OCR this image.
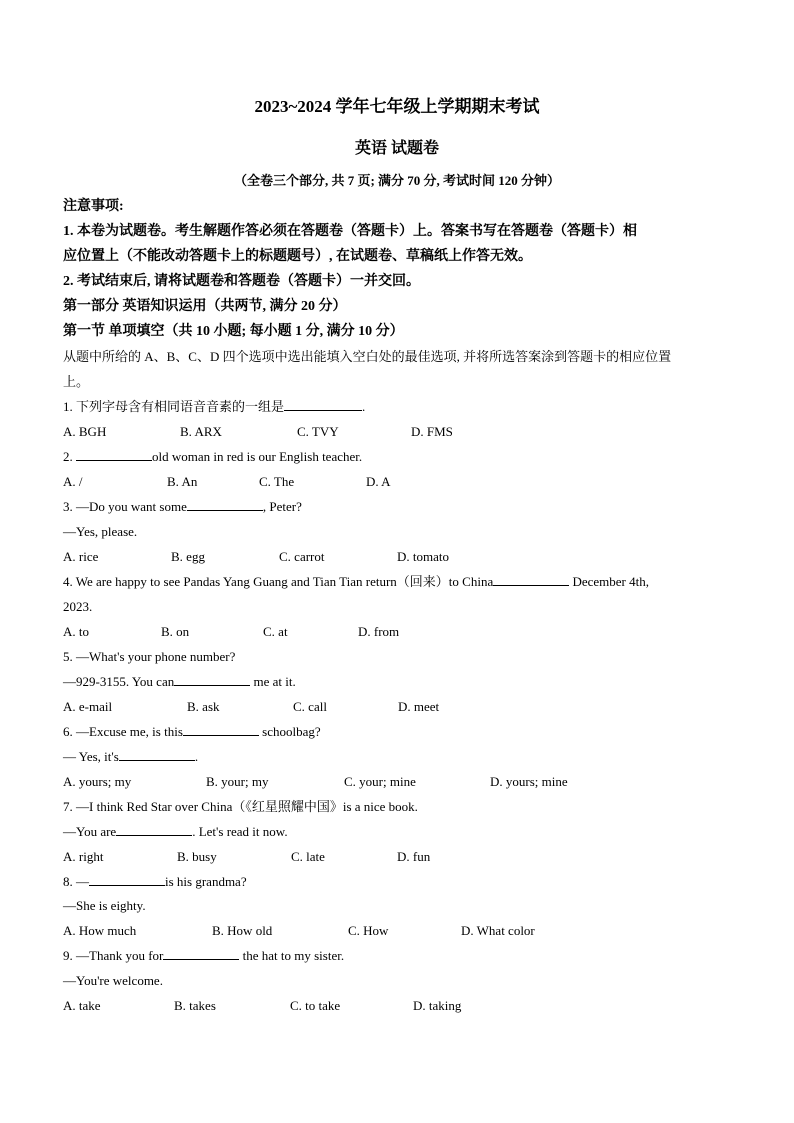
2023~2024 学年七年级上学期期末考试
英语 试题卷
（全卷三个部分, 共 7 页; 满分 70 分, 考试时间 120 分钟）
注意事项:
1. 本卷为试题卷。考生解题作答必须在答题卷（答题卡）上。答案书写在答题卷（答题卡）相
应位置上（不能改动答题卡上的标题题号）, 在试题卷、草稿纸上作答无效。
2. 考试结束后, 请将试题卷和答题卷（答题卡）一并交回。
第一部分 英语知识运用（共两节, 满分 20 分）
第一节 单项填空（共 10 小题; 每小题 1 分, 满分 10 分）
从题中所给的 A、B、C、D 四个选项中选出能填入空白处的最佳选项, 并将所选答案涂到答题卡的相应位置
上。
1. 下列字母含有相同语音音素的一组是	.
A. BGH	B. ARX	C. TVY	D. FMS
2.	old woman in red is our English teacher.
A. /	B. An	C. The	D. A
3. —Do you want some	, Peter?
—Yes, please.
A. rice	B. egg	C. carrot	D. tomato
4. We are happy to see Pandas Yang Guang and Tian Tian return（回来）to China	December 4th,
2023.
A. to	B. on	C. at	D. from
5. —What's your phone number?
—929-3155. You can	me at it.
A. e-mail	B. ask	C. call	D. meet
6. —Excuse me, is this	schoolbag?
— Yes, it's	.
A. yours; my	B. your; my	C. your; mine	D. yours; mine
7. —I think Red Star over China（《红星照耀中国》is a nice book.
—You are	. Let's read it now.
A. right	B. busy	C. late	D. fun
8. —	is his grandma?
—She is eighty.
A. How much	B. How old	C. How	D. What color
9. —Thank you for	the hat to my sister.
—You're welcome.
A. take	B. takes	C. to take	D. taking
